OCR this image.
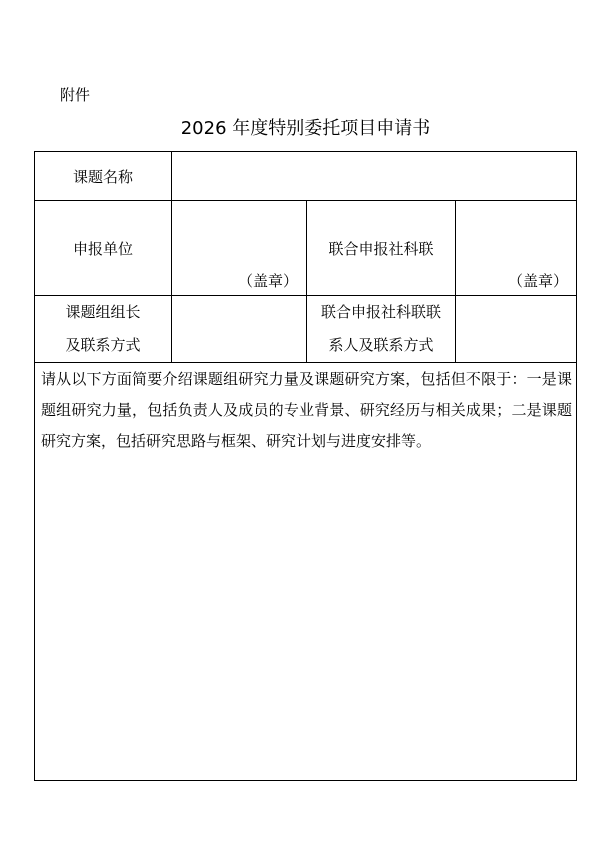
附件
2026 年度特别委托项目申请书
课题名称
申报单位
（盖章）
联合申报社科联
（盖章）
课题组组长
及联系方式
联合申报社科联联
系人及联系方式
请从以下方面简要介绍课题组研究力量及课题研究方案，包括但不限于：一是课题组研究力量，包括负责人及成员的专业背景、研究经历与相关成果；二是课题研究方案，包括研究思路与框架、研究计划与进度安排等。
